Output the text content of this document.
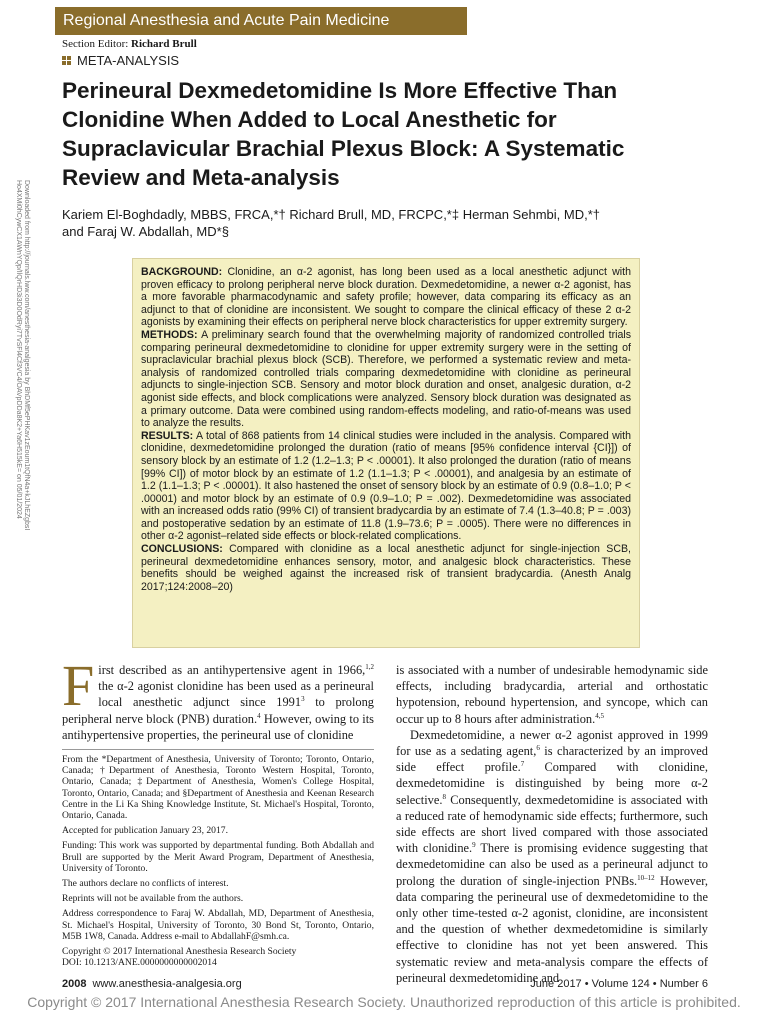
Regional Anesthesia and Acute Pain Medicine
Section Editor: Richard Brull
META-ANALYSIS
Downloaded from http://journals.lww.com/anesthesia-analgesia by BhDMf5ePHKav1zEoum1tQfN4a+kJLhEZgbsI
Ho4XMi0hCywCX1AWnYQp/IlQrHD3i3D0OdRyi7TvSFl4Cf3VC4/OAVpDDa8K2+Ya6H515kE= on 05/01/2024
Perineural Dexmedetomidine Is More Effective Than Clonidine When Added to Local Anesthetic for Supraclavicular Brachial Plexus Block: A Systematic Review and Meta-analysis
Kariem El-Boghdadly, MBBS, FRCA,*† Richard Brull, MD, FRCPC,*‡ Herman Sehmbi, MD,*†
and Faraj W. Abdallah, MD*§

BACKGROUND: Clonidine, an α-2 agonist, has long been used as a local anesthetic adjunct with proven efficacy to prolong peripheral nerve block duration. Dexmedetomidine, a newer α-2 agonist, has a more favorable pharmacodynamic and safety profile; however, data comparing its efficacy as an adjunct to that of clonidine are inconsistent. We sought to compare the clinical efficacy of these 2 α-2 agonists by examining their effects on peripheral nerve block characteristics for upper extremity surgery.

METHODS: A preliminary search found that the overwhelming majority of randomized controlled trials comparing perineural dexmedetomidine to clonidine for upper extremity surgery were in the setting of supraclavicular brachial plexus block (SCB). Therefore, we performed a systematic review and meta-analysis of randomized controlled trials comparing dexmedetomidine with clonidine as perineural adjuncts to single-injection SCB. Sensory and motor block duration and onset, analgesic duration, α-2 agonist side effects, and block complications were analyzed. Sensory block duration was designated as a primary outcome. Data were combined using random-effects modeling, and ratio-of-means was used to analyze the results.

RESULTS: A total of 868 patients from 14 clinical studies were included in the analysis. Compared with clonidine, dexmedetomidine prolonged the duration (ratio of means [95% confidence interval {CI}]) of sensory block by an estimate of 1.2 (1.2–1.3; P < .00001). It also prolonged the duration (ratio of means [99% CI]) of motor block by an estimate of 1.2 (1.1–1.3; P < .00001), and analgesia by an estimate of 1.2 (1.1–1.3; P < .00001). It also hastened the onset of sensory block by an estimate of 0.9 (0.8–1.0; P < .00001) and motor block by an estimate of 0.9 (0.9–1.0; P = .002). Dexmedetomidine was associated with an increased odds ratio (99% CI) of transient bradycardia by an estimate of 7.4 (1.3–40.8; P = .003) and postoperative sedation by an estimate of 11.8 (1.9–73.6; P = .0005). There were no differences in other α-2 agonist–related side effects or block-related complications.

CONCLUSIONS: Compared with clonidine as a local anesthetic adjunct for single-injection SCB, perineural dexmedetomidine enhances sensory, motor, and analgesic block characteristics. These benefits should be weighed against the increased risk of transient bradycardia. (Anesth Analg 2017;124:2008–20)

First described as an antihypertensive agent in 1966,$^{1,2}$ the α-2 agonist clonidine has been used as a perineural local anesthetic adjunct since 1991$^3$ to prolong peripheral nerve block (PNB) duration.$^4$ However, owing to its antihypertensive properties, the perineural use of clonidine

From the *Department of Anesthesia, University of Toronto; Toronto, Ontario, Canada; †Department of Anesthesia, Toronto Western Hospital, Toronto, Ontario, Canada; ‡Department of Anesthesia, Women's College Hospital, Toronto, Ontario, Canada; and §Department of Anesthesia and Keenan Research Centre in the Li Ka Shing Knowledge Institute, St. Michael's Hospital, Toronto, Ontario, Canada.

Accepted for publication January 23, 2017.

Funding: This work was supported by departmental funding. Both Abdallah and Brull are supported by the Merit Award Program, Department of Anesthesia, University of Toronto.

The authors declare no conflicts of interest.

Reprints will not be available from the authors.

Address correspondence to Faraj W. Abdallah, MD, Department of Anesthesia, St. Michael's Hospital, University of Toronto, 30 Bond St, Toronto, Ontario, M5B 1W8, Canada. Address e-mail to AbdallahF@smh.ca.

Copyright © 2017 International Anesthesia Research Society

DOI: 10.1213/ANE.0000000000002014

is associated with a number of undesirable hemodynamic side effects, including bradycardia, arterial and orthostatic hypotension, rebound hypertension, and syncope, which can occur up to 8 hours after administration.$^{4,5}$

Dexmedetomidine, a newer α-2 agonist approved in 1999 for use as a sedating agent,$^6$ is characterized by an improved side effect profile.$^7$ Compared with clonidine, dexmedetomidine is distinguished by being more α-2 selective.$^8$ Consequently, dexmedetomidine is associated with a reduced rate of hemodynamic side effects; furthermore, such side effects are short lived compared with those associated with clonidine.$^9$ There is promising evidence suggesting that dexmedetomidine can also be used as a perineural adjunct to prolong the duration of single-injection PNBs.$^{10-12}$ However, data comparing the perineural use of dexmedetomidine to the only other time-tested α-2 agonist, clonidine, are inconsistent and the question of whether dexmedetomidine is similarly effective to clonidine has not yet been answered. This systematic review and meta-analysis compare the effects of perineural dexmedetomidine and

2008 www.anesthesia-analgesia.org	June 2017 • Volume 124 • Number 6
Copyright © 2017 International Anesthesia Research Society. Unauthorized reproduction of this article is prohibited.
